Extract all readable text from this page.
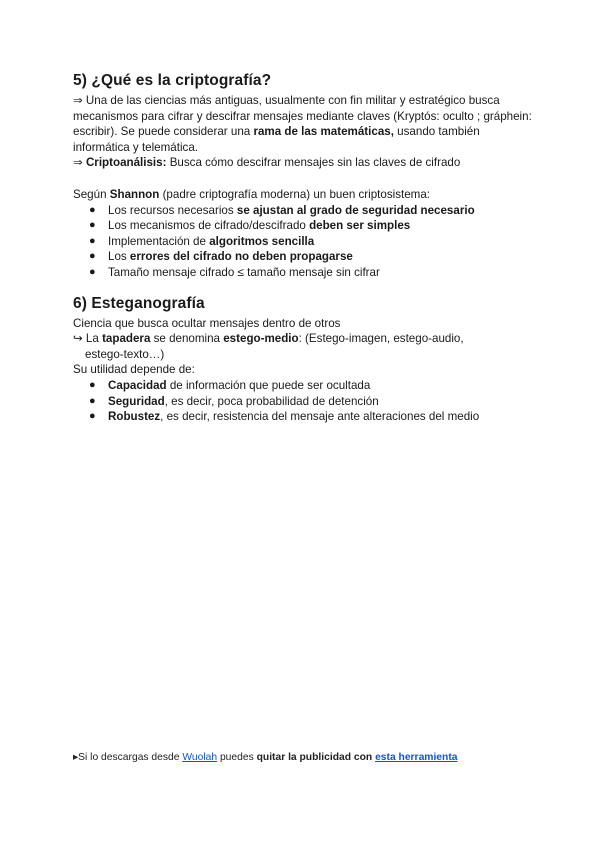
5) ¿Qué es la criptografía?

⇒ Una de las ciencias más antiguas, usualmente con fin militar y estratégico busca mecanismos para cifrar y descifrar mensajes mediante claves (Kryptós: oculto ; gráphein: escribir). Se puede considerar una rama de las matemáticas, usando también informática y telemática.

⇒ Criptoanálisis: Busca cómo descifrar mensajes sin las claves de cifrado

Según Shannon (padre criptografía moderna) un buen criptosistema:

● Los recursos necesarios se ajustan al grado de seguridad necesario
● Los mecanismos de cifrado/descifrado deben ser simples
● Implementación de algoritmos sencilla
● Los errores del cifrado no deben propagarse
● Tamaño mensaje cifrado ≤ tamaño mensaje sin cifrar
6) Esteganografía

Ciencia que busca ocultar mensajes dentro de otros

↪ La tapadera se denomina estego-medio: (Estego-imagen, estego-audio,

estego-texto…)

Su utilidad depende de:

● Capacidad de información que puede ser ocultada
● Seguridad, es decir, poca probabilidad de detención
● Robustez, es decir, resistencia del mensaje ante alteraciones del medio
▸Si lo descargas desde Wuolah puedes quitar la publicidad con esta herramienta
